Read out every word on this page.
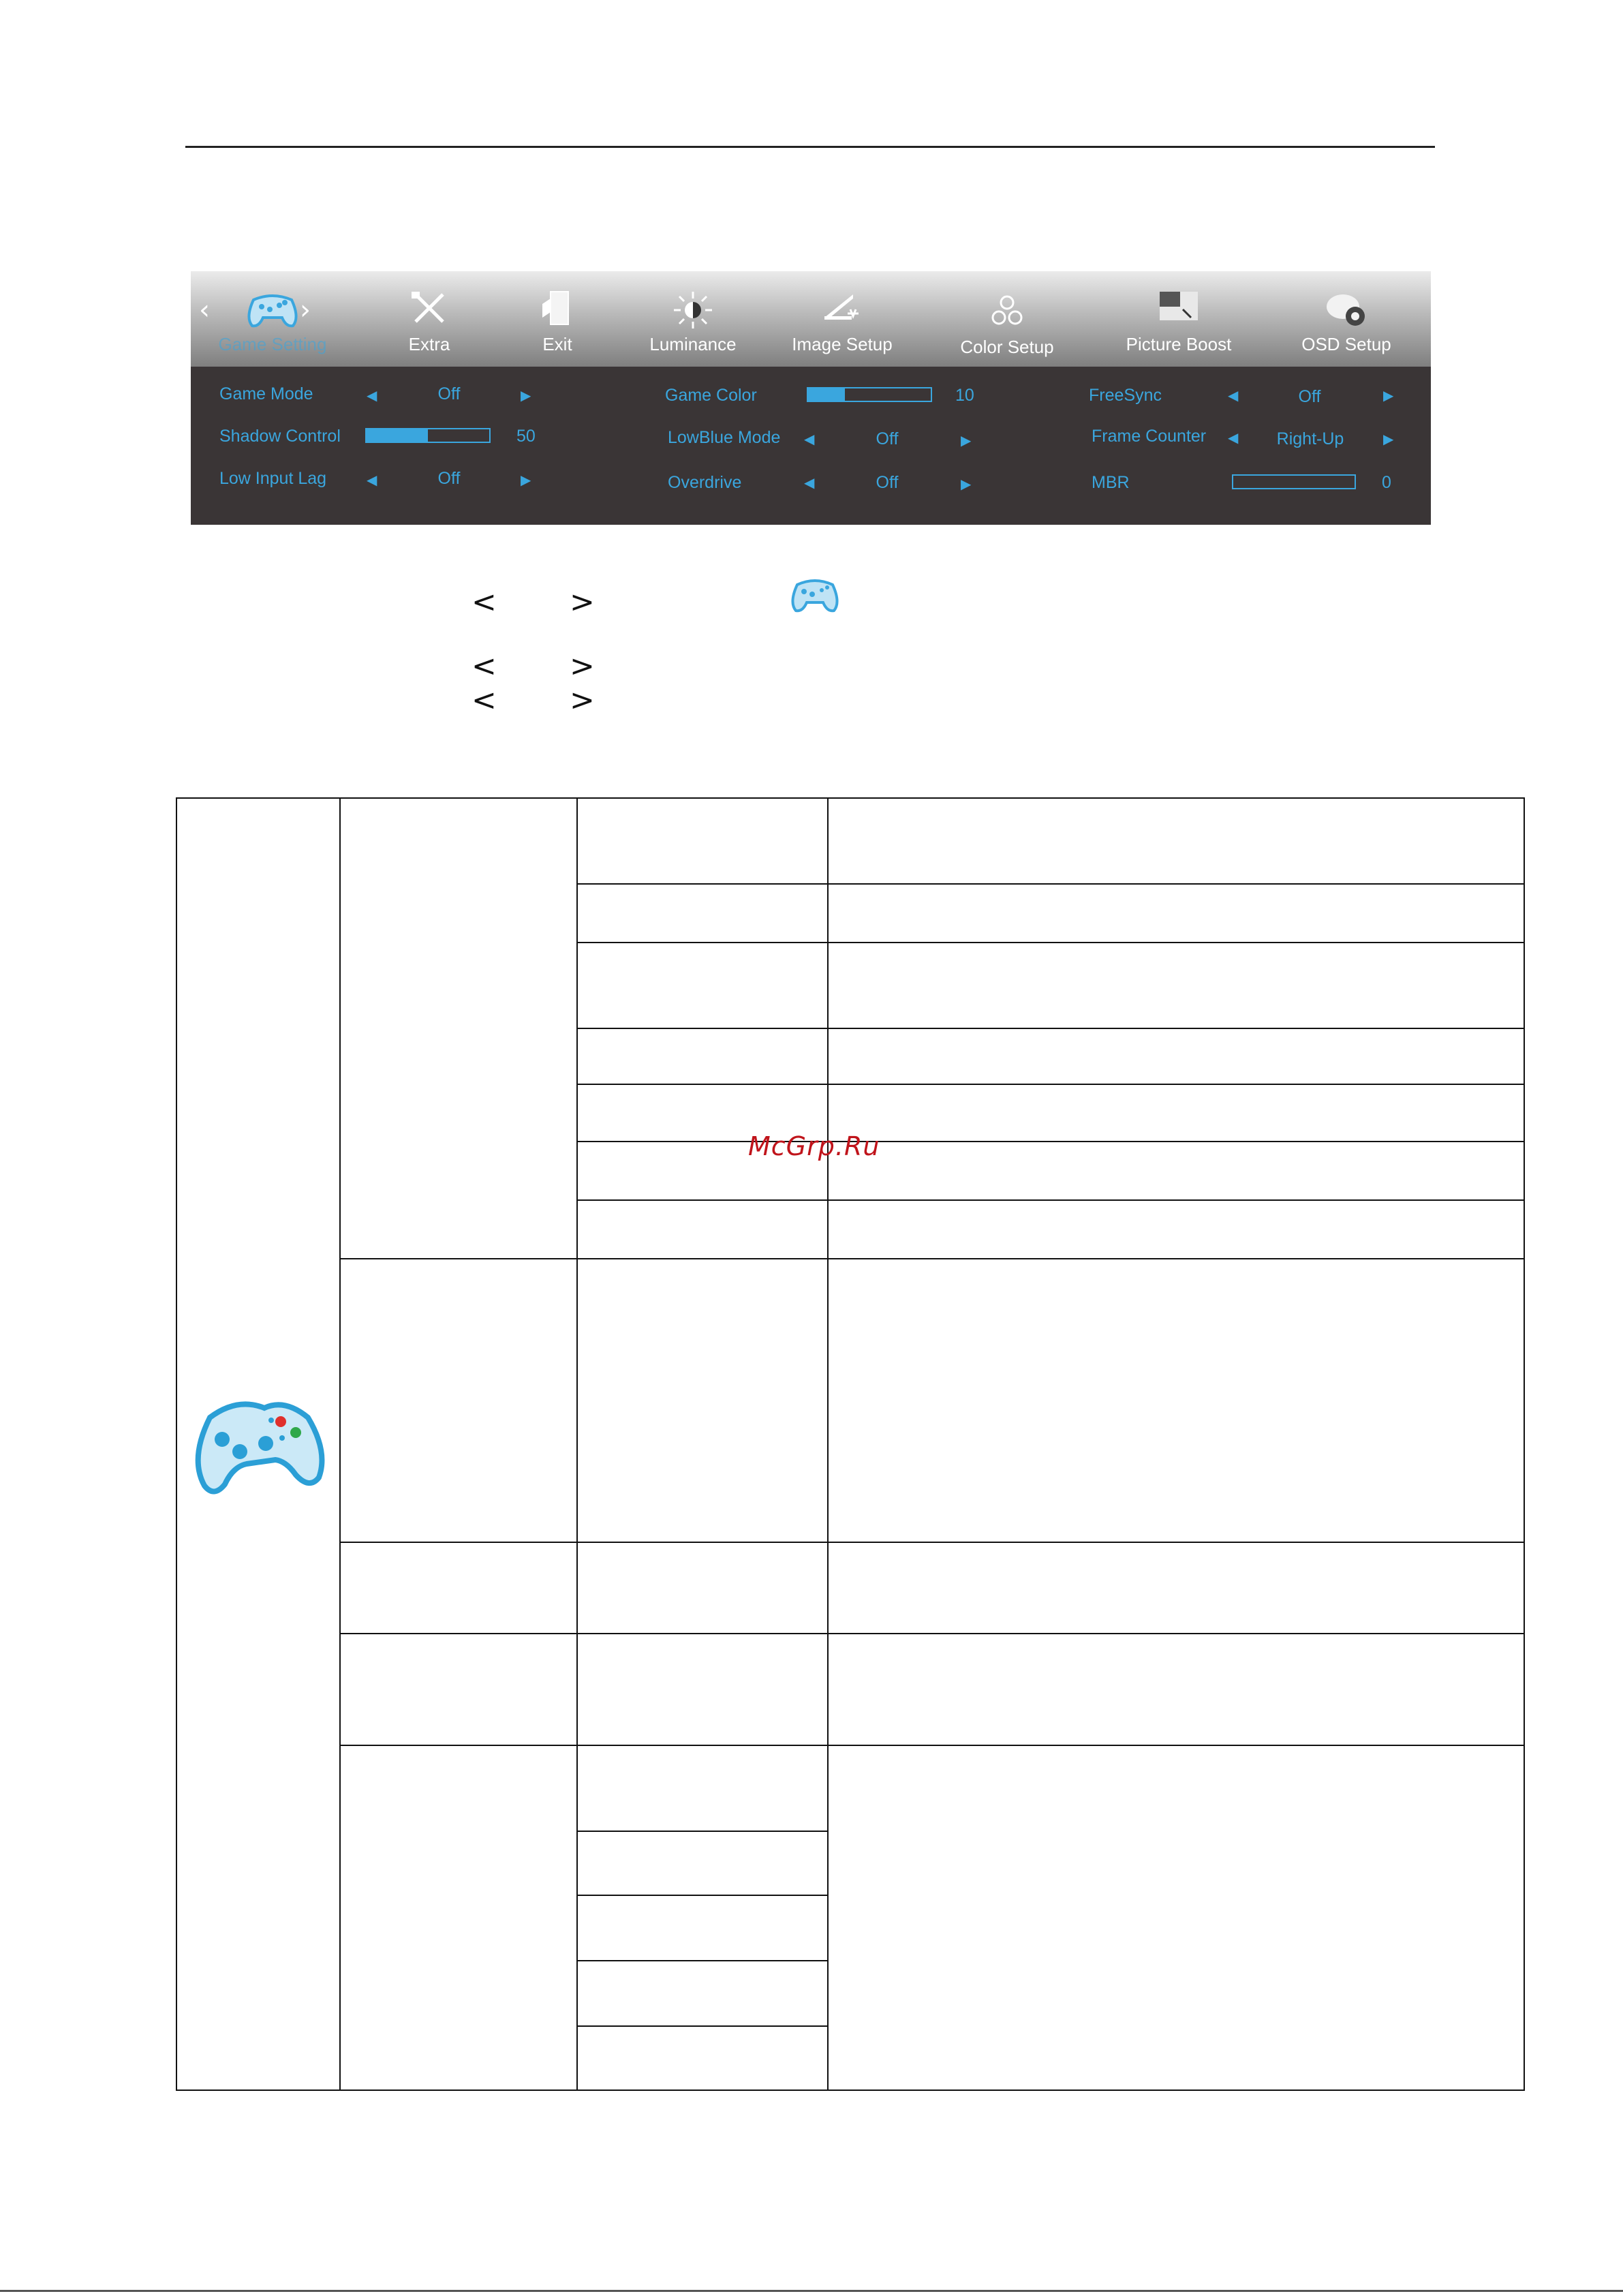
‹	›
Game Setting	Extra	Exit	Luminance	Image Setup	Color Setup	Picture Boost	OSD Setup
Game Mode	◀	Off	▶
Shadow Control	50
Low Input Lag	◀	Off	▶
Game Color	10
LowBlue Mode ◀	Off	▶
Overdrive	◀	Off	▶
FreeSync	◀	Off	▶
Frame Counter ◀	Right-Up	▶
MBR	0
< >
< >
< >
McGrp.Ru
